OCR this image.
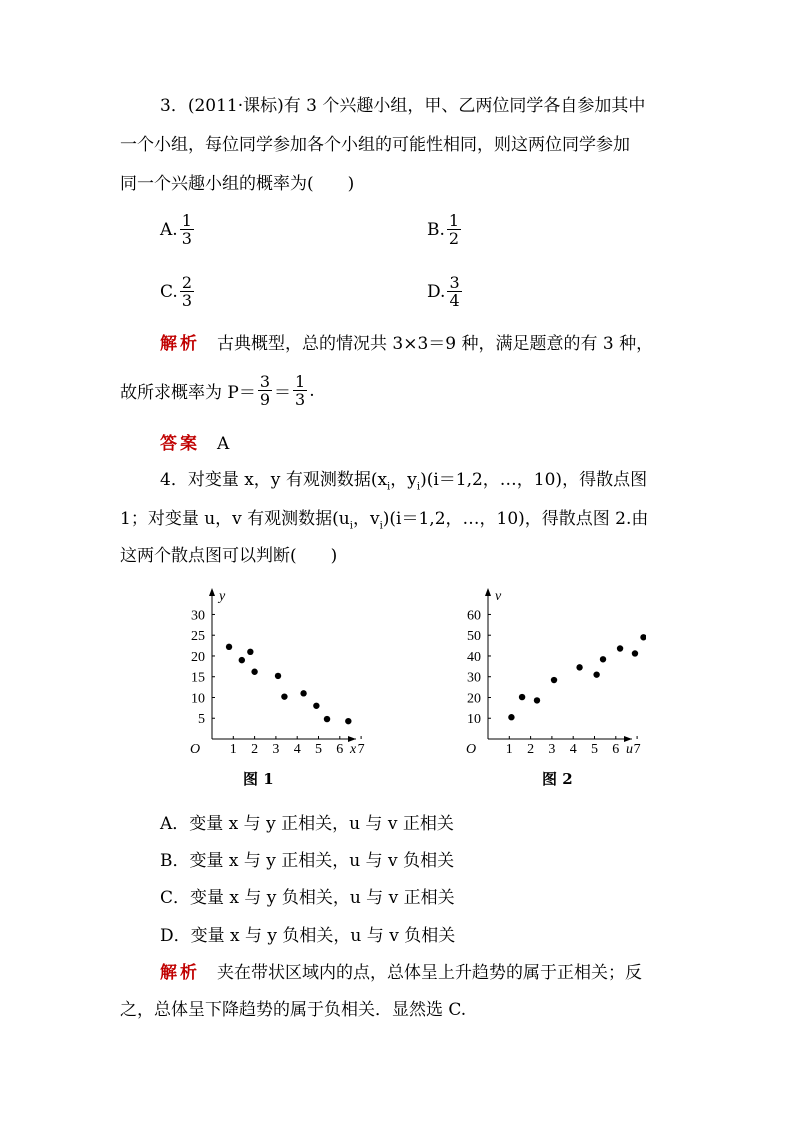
3．(2011·课标)有 3 个兴趣小组，甲、乙两位同学各自参加其中
一个小组，每位同学参加各个小组的可能性相同，则这两位同学参加
同一个兴趣小组的概率为(　　)
A. $\frac{1}{3}$	B. $\frac{1}{2}$
C. $\frac{2}{3}$	D. $\frac{3}{4}$
解析　古典概型，总的情况共 3×3＝9 种，满足题意的有 3 种，
故所求概率为 $P= \frac{3}{9} = \frac{1}{3}$ .
答案　A
4．对变量 x，y 有观测数据($x_i$，$y_i)(i=1,2$，…，10)，得散点图
1；对变量 u，v 有观测数据($u_i$，$v_i)(i=1,2$，…，10)，得散点图 2.由
这两个散点图可以判断(　　)
x
y
O 1 2 3 4 5 6 7
5
10
15
20
25
30
u
v
O 1 2 3 4 5 6 7
10
20
30
40
50
60
图 1	图 2
A．变量 x 与 y 正相关，u 与 v 正相关
B．变量 x 与 y 正相关，u 与 v 负相关
C．变量 x 与 y 负相关，u 与 v 正相关
D．变量 x 与 y 负相关，u 与 v 负相关
解析　夹在带状区域内的点，总体呈上升趋势的属于正相关；反
之，总体呈下降趋势的属于负相关．显然选 C.
